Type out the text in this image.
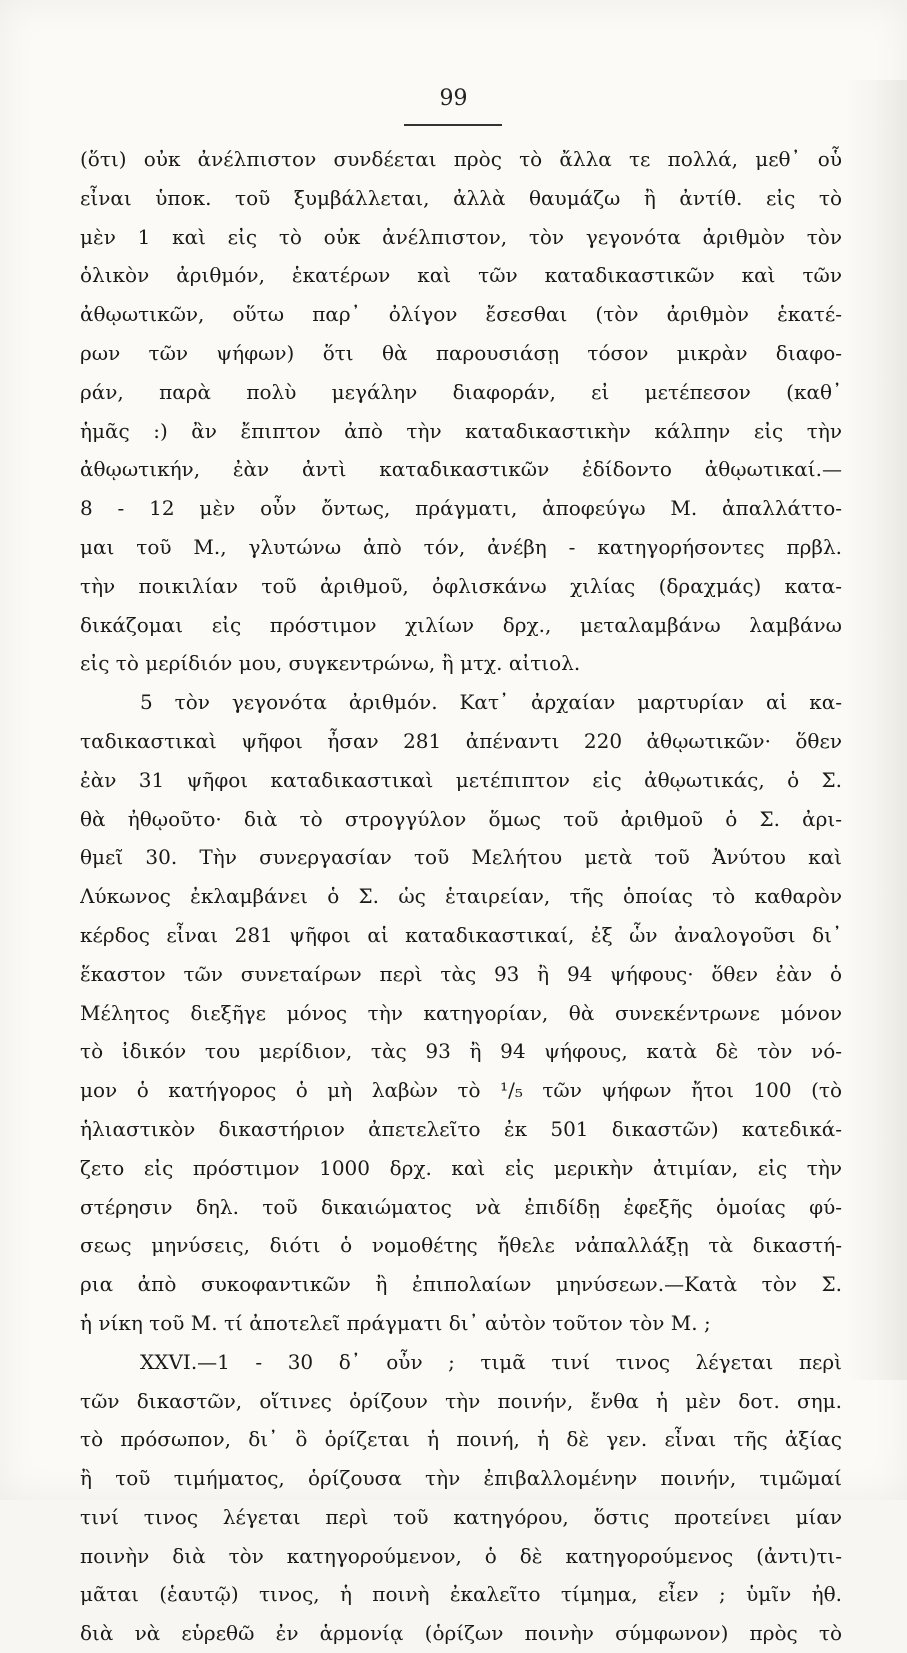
99
(ὅτι) οὐκ ἀνέλπιστον συνδέεται πρὸς τὸ ἄλλα τε πολλά, μεθ᾽ οὗ
εἶναι ὑποκ. τοῦ ξυμβάλλεται, ἀλλὰ θαυμάζω ἢ ἀντίθ. εἰς τὸ
μὲν 1 καὶ εἰς τὸ οὐκ ἀνέλπιστον, τὸν γεγονότα ἀριθμὸν τὸν
ὁλικὸν ἀριθμόν, ἑκατέρων καὶ τῶν καταδικαστικῶν καὶ τῶν
ἀθῳωτικῶν, οὕτω παρ᾽ ὀλίγον ἔσεσθαι (τὸν ἀριθμὸν ἑκατέ-
ρων τῶν ψήφων) ὅτι θὰ παρουσιάσῃ τόσον μικρὰν διαφο-
ράν, παρὰ πολὺ μεγάλην διαφοράν, εἰ μετέπεσον (καθ᾽
ἡμᾶς :) ἂν ἔπιπτον ἀπὸ τὴν καταδικαστικὴν κάλπην εἰς τὴν
ἀθῳωτικήν, ἐὰν ἀντὶ καταδικαστικῶν ἐδίδοντο ἀθῳωτικαί.—
8 - 12 μὲν οὖν ὄντως, πράγματι, ἀποφεύγω Μ. ἀπαλλάττο-
μαι τοῦ Μ., γλυτώνω ἀπὸ τόν, ἀνέβη - κατηγορήσοντες πρβλ.
τὴν ποικιλίαν τοῦ ἀριθμοῦ, ὀφλισκάνω χιλίας (δραχμάς) κατα-
δικάζομαι εἰς πρόστιμον χιλίων δρχ., μεταλαμβάνω λαμβάνω
εἰς τὸ μερίδιόν μου, συγκεντρώνω, ἢ μτχ. αἰτιολ.
5 τὸν γεγονότα ἀριθμόν. Κατ᾽ ἀρχαίαν μαρτυρίαν αἱ κα-
ταδικαστικαὶ ψῆφοι ἦσαν 281 ἀπέναντι 220 ἀθῳωτικῶν· ὅθεν
ἐὰν 31 ψῆφοι καταδικαστικαὶ μετέπιπτον εἰς ἀθῳωτικάς, ὁ Σ.
θὰ ἠθῳοῦτο· διὰ τὸ στρογγύλον ὅμως τοῦ ἀριθμοῦ ὁ Σ. ἀρι-
θμεῖ 30. Τὴν συνεργασίαν τοῦ Μελήτου μετὰ τοῦ Ἀνύτου καὶ
Λύκωνος ἐκλαμβάνει ὁ Σ. ὡς ἑταιρείαν, τῆς ὁποίας τὸ καθαρὸν
κέρδος εἶναι 281 ψῆφοι αἱ καταδικαστικαί, ἐξ ὧν ἀναλογοῦσι δι᾽
ἕκαστον τῶν συνεταίρων περὶ τὰς 93 ἢ 94 ψήφους· ὅθεν ἐὰν ὁ
Μέλητος διεξῆγε μόνος τὴν κατηγορίαν, θὰ συνεκέντρωνε μόνον
τὸ ἰδικόν του μερίδιον, τὰς 93 ἢ 94 ψήφους, κατὰ δὲ τὸν νό-
μον ὁ κατήγορος ὁ μὴ λαβὼν τὸ ¹/₅ τῶν ψήφων ἤτοι 100 (τὸ
ἡλιαστικὸν δικαστήριον ἀπετελεῖτο ἐκ 501 δικαστῶν) κατεδικά-
ζετο εἰς πρόστιμον 1000 δρχ. καὶ εἰς μερικὴν ἀτιμίαν, εἰς τὴν
στέρησιν δηλ. τοῦ δικαιώματος νὰ ἐπιδίδῃ ἐφεξῆς ὁμοίας φύ-
σεως μηνύσεις, διότι ὁ νομοθέτης ἤθελε νἀπαλλάξῃ τὰ δικαστή-
ρια ἀπὸ συκοφαντικῶν ἢ ἐπιπολαίων μηνύσεων.—Κατὰ τὸν Σ.
ἡ νίκη τοῦ Μ. τί ἀποτελεῖ πράγματι δι᾽ αὐτὸν τοῦτον τὸν Μ. ;
XXVI.—1 - 30 δ᾽ οὖν ; τιμᾶ τινί τινος λέγεται περὶ
τῶν δικαστῶν, οἵτινες ὁρίζουν τὴν ποινήν, ἔνθα ἡ μὲν δοτ. σημ.
τὸ πρόσωπον, δι᾽ ὃ ὁρίζεται ἡ ποινή, ἡ δὲ γεν. εἶναι τῆς ἀξίας
ἢ τοῦ τιμήματος, ὁρίζουσα τὴν ἐπιβαλλομένην ποινήν, τιμῶμαί
τινί τινος λέγεται περὶ τοῦ κατηγόρου, ὅστις προτείνει μίαν
ποινὴν διὰ τὸν κατηγορούμενον, ὁ δὲ κατηγορούμενος (ἀντι)τι-
μᾶται (ἑαυτῷ) τινος, ἡ ποινὴ ἐκαλεῖτο τίμημα, εἶεν ; ὑμῖν ἠθ.
διὰ νὰ εὑρεθῶ ἐν ἁρμονίᾳ (ὁρίζων ποινὴν σύμφωνον) πρὸς τὸ
